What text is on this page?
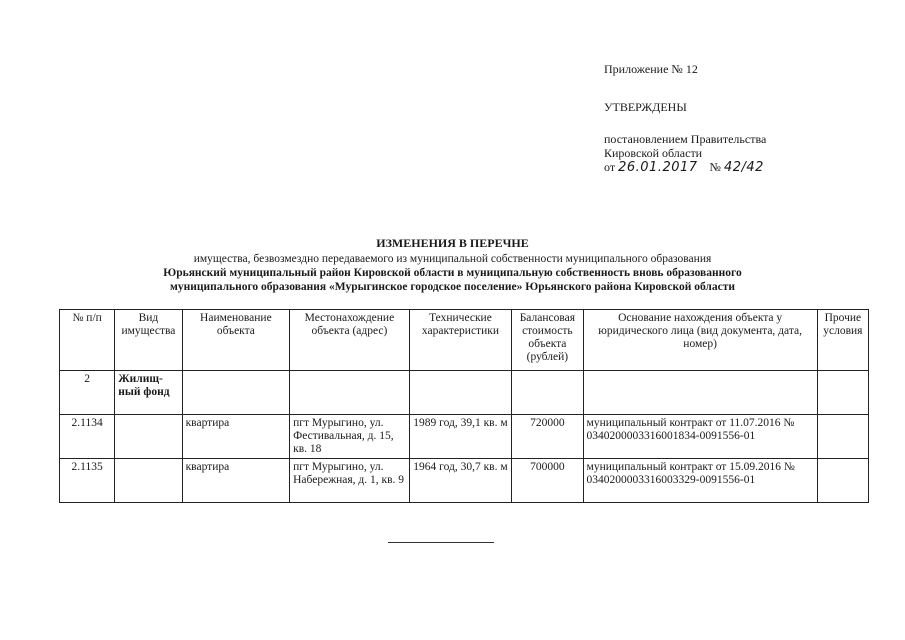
Приложение № 12
УТВЕРЖДЕНЫ
постановлением Правительства
Кировской области
от 26.01.2017 № 42/42
ИЗМЕНЕНИЯ В ПЕРЕЧНЕ
имущества, безвозмездно передаваемого из муниципальной собственности муниципального образования
Юрьянский муниципальный район Кировской области в муниципальную собственность вновь образованного
муниципального образования «Мурыгинское городское поселение» Юрьянского района Кировской области
№ п/п	Вид имущества	Наименование объекта	Местонахождение объекта (адрес)	Технические характеристики	Балансовая стоимость объекта (рублей)	Основание нахождения объекта у юридического лица (вид документа, дата, номер)	Прочие условия
2	Жилищ-ный фонд						
2.1134		квартира	пгт Мурыгино, ул. Фестивальная, д. 15, кв. 18	1989 год, 39,1 кв. м	720000	муниципальный контракт от 11.07.2016 № 0340200003316001834-0091556-01	
2.1135		квартира	пгт Мурыгино, ул. Набережная, д. 1, кв. 9	1964 год, 30,7 кв. м	700000	муниципальный контракт от 15.09.2016 № 0340200003316003329-0091556-01	
